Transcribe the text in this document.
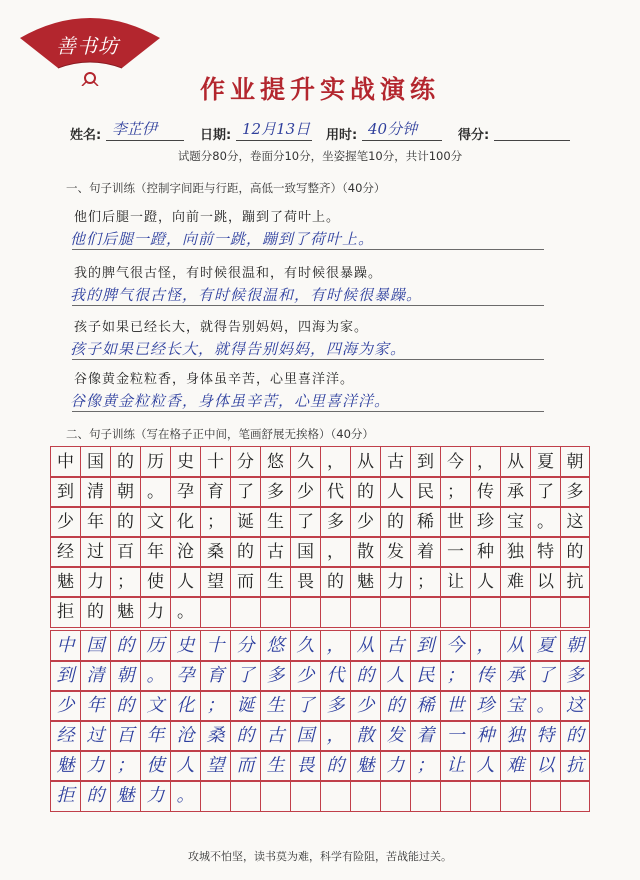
善书坊
作业提升实战演练
姓名: 李芷伊	日期: 12月13日 用时: 40分钟	得分:
试题分80分，卷面分10分，坐姿握笔10分，共计100分
一、句子训练（控制字间距与行距，高低一致写整齐）（40分）
他们后腿一蹬，向前一跳，蹦到了荷叶上。
他们后腿一蹬，向前一跳，蹦到了荷叶上。
我的脾气很古怪，有时候很温和，有时候很暴躁。
我的脾气很古怪，有时候很温和，有时候很暴躁。
孩子如果已经长大，就得告别妈妈，四海为家。
孩子如果已经长大，就得告别妈妈，四海为家。
谷像黄金粒粒香，身体虽辛苦，心里喜洋洋。
谷像黄金粒粒香，身体虽辛苦，心里喜洋洋。
二、句子训练（写在格子正中间，笔画舒展无挨格）（40分）
中 国 的 历 史 十 分 悠 久 ， 从 古 到 今 ， 从 夏 朝
到 清 朝 。 孕 育 了 多 少 代 的 人 民 ； 传 承 了 多
少 年 的 文 化 ； 诞 生 了 多 少 的 稀 世 珍 宝 。 这
经 过 百 年 沧 桑 的 古 国 ， 散 发 着 一 种 独 特 的
魅 力 ； 使 人 望 而 生 畏 的 魅 力 ； 让 人 难 以 抗
拒 的 魅 力 。
中 国 的 历 史 十 分 悠 久 ， 从 古 到 今 ， 从 夏 朝
到 清 朝 。 孕 育 了 多 少 代 的 人 民 ； 传 承 了 多
少 年 的 文 化 ； 诞 生 了 多 少 的 稀 世 珍 宝 。 这
经 过 百 年 沧 桑 的 古 国 ， 散 发 着 一 种 独 特 的
魅 力 ； 使 人 望 而 生 畏 的 魅 力 ； 让 人 难 以 抗
拒 的 魅 力 。
攻城不怕坚，读书莫为难，科学有险阻，苦战能过关。
